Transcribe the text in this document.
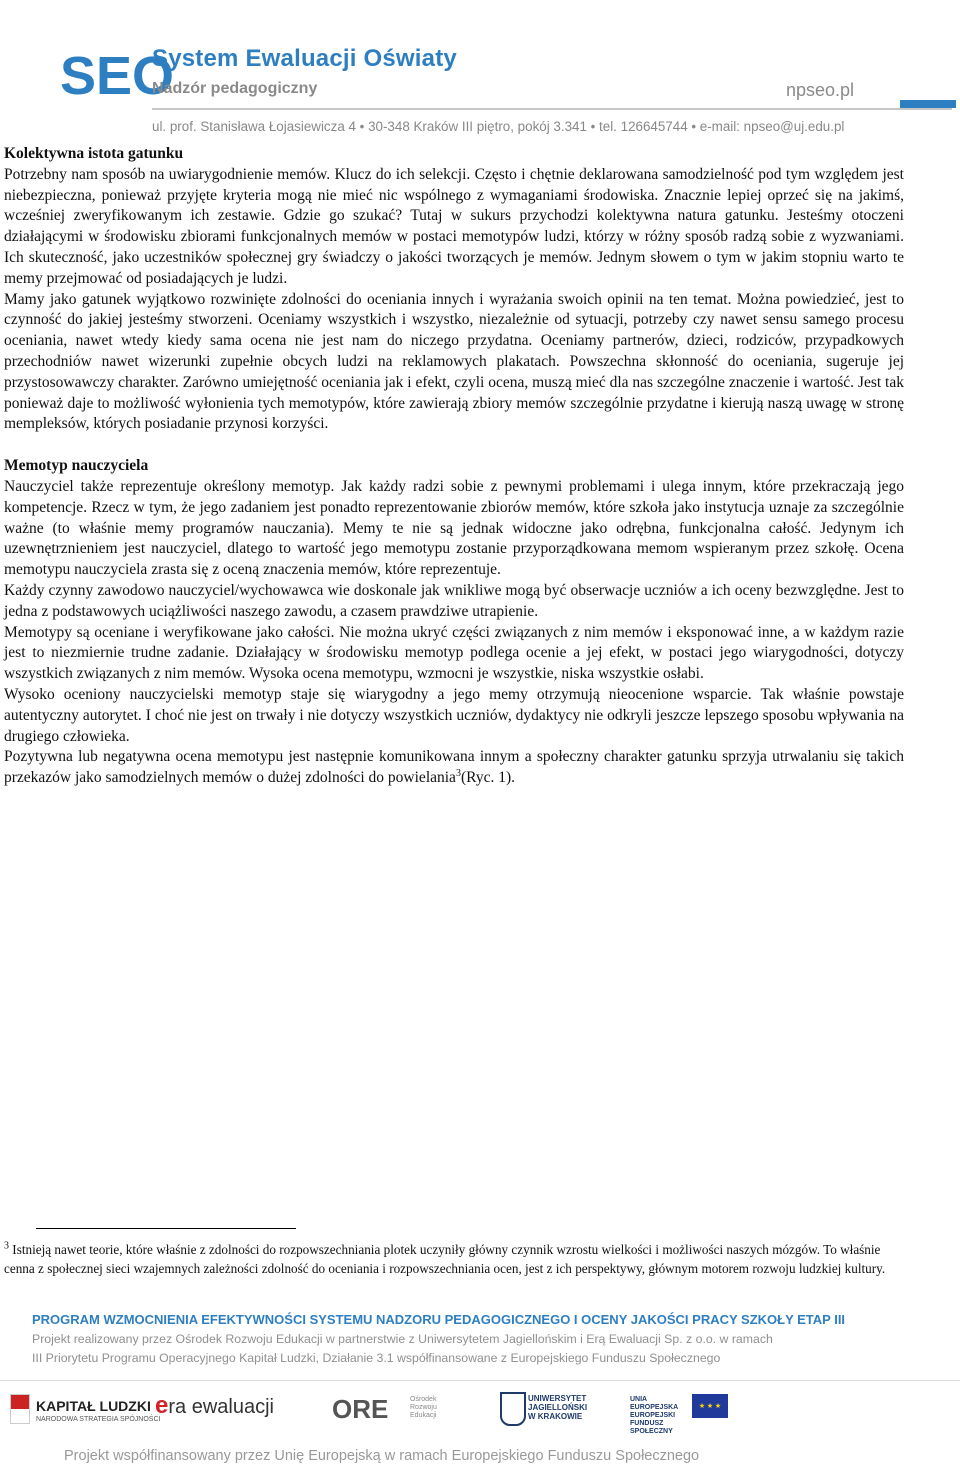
SEO
System Ewaluacji Oświaty
Nadzór pedagogiczny	npseo.pl
ul. prof. Stanisława Łojasiewicza 4 • 30-348 Kraków III piętro, pokój 3.341 • tel. 126645744 • e-mail: npseo@uj.edu.pl
Kolektywna istota gatunku

Potrzebny nam sposób na uwiarygodnienie memów. Klucz do ich selekcji. Często i chętnie deklarowana samodzielność pod tym względem jest niebezpieczna, ponieważ przyjęte kryteria mogą nie mieć nic wspólnego z wymaganiami środowiska. Znacznie lepiej oprzeć się na jakimś, wcześniej zweryfikowanym ich zestawie. Gdzie go szukać? Tutaj w sukurs przychodzi kolektywna natura gatunku. Jesteśmy otoczeni działającymi w środowisku zbiorami funkcjonalnych memów w postaci memotypów ludzi, którzy w różny sposób radzą sobie z wyzwaniami. Ich skuteczność, jako uczestników społecznej gry świadczy o jakości tworzących je memów. Jednym słowem o tym w jakim stopniu warto te memy przejmować od posiadających je ludzi.

Mamy jako gatunek wyjątkowo rozwinięte zdolności do oceniania innych i wyrażania swoich opinii na ten temat. Można powiedzieć, jest to czynność do jakiej jesteśmy stworzeni. Oceniamy wszystkich i wszystko, niezależnie od sytuacji, potrzeby czy nawet sensu samego procesu oceniania, nawet wtedy kiedy sama ocena nie jest nam do niczego przydatna. Oceniamy partnerów, dzieci, rodziców, przypadkowych przechodniów nawet wizerunki zupełnie obcych ludzi na reklamowych plakatach. Powszechna skłonność do oceniania, sugeruje jej przystosowawczy charakter. Zarówno umiejętność oceniania jak i efekt, czyli ocena, muszą mieć dla nas szczególne znaczenie i wartość. Jest tak ponieważ daje to możliwość wyłonienia tych memotypów, które zawierają zbiory memów szczególnie przydatne i kierują naszą uwagę w stronę mempleksów, których posiadanie przynosi korzyści.

Memotyp nauczyciela

Nauczyciel także reprezentuje określony memotyp. Jak każdy radzi sobie z pewnymi problemami i ulega innym, które przekraczają jego kompetencje. Rzecz w tym, że jego zadaniem jest ponadto reprezentowanie zbiorów memów, które szkoła jako instytucja uznaje za szczególnie ważne (to właśnie memy programów nauczania). Memy te nie są jednak widoczne jako odrębna, funkcjonalna całość. Jedynym ich uzewnętrznieniem jest nauczyciel, dlatego to wartość jego memotypu zostanie przyporządkowana memom wspieranym przez szkołę. Ocena memotypu nauczyciela zrasta się z oceną znaczenia memów, które reprezentuje.

Każdy czynny zawodowo nauczyciel/wychowawca wie doskonale jak wnikliwe mogą być obserwacje uczniów a ich oceny bezwzględne. Jest to jedna z podstawowych uciążliwości naszego zawodu, a czasem prawdziwe utrapienie.

Memotypy są oceniane i weryfikowane jako całości. Nie można ukryć części związanych z nim memów i eksponować inne, a w każdym razie jest to niezmiernie trudne zadanie. Działający w środowisku memotyp podlega ocenie a jej efekt, w postaci jego wiarygodności, dotyczy wszystkich związanych z nim memów. Wysoka ocena memotypu, wzmocni je wszystkie, niska wszystkie osłabi.

Wysoko oceniony nauczycielski memotyp staje się wiarygodny a jego memy otrzymują nieocenione wsparcie. Tak właśnie powstaje autentyczny autorytet. I choć nie jest on trwały i nie dotyczy wszystkich uczniów, dydaktycy nie odkryli jeszcze lepszego sposobu wpływania na drugiego człowieka.

Pozytywna lub negatywna ocena memotypu jest następnie komunikowana innym a społeczny charakter gatunku sprzyja utrwalaniu się takich przekazów jako samodzielnych memów o dużej zdolności do powielania$^3$(Ryc. 1).

$^3$ Istnieją nawet teorie, które właśnie z zdolności do rozpowszechniania plotek uczyniły główny czynnik wzrostu wielkości i możliwości naszych mózgów. To właśnie cenna z społecznej sieci wzajemnych zależności zdolność do oceniania i rozpowszechniania ocen, jest z ich perspektywy, głównym motorem rozwoju ludzkiej kultury.

PROGRAM WZMOCNIENIA EFEKTYWNOŚCI SYSTEMU NADZORU PEDAGOGICZNEGO I OCENY JAKOŚCI PRACY SZKOŁY ETAP III
Projekt realizowany przez Ośrodek Rozwoju Edukacji w partnerstwie z Uniwersytetem Jagiellońskim i Erą Ewaluacji Sp. z o.o. w ramach
III Priorytetu Programu Operacyjnego Kapitał Ludzki, Działanie 3.1 współfinansowane z Europejskiego Funduszu Społecznego
KAPITAŁ LUDZKI
NARODOWA STRATEGIA SPÓJNOŚCI
era ewaluacji ORE	Ośrodek Rozwoju Edukacji
UNIWERSYTET JAGIELLOŃSKI W KRAKOWIE
UNIA EUROPEJSKA EUROPEJSKI FUNDUSZ SPOŁECZNY
★ ★ ★
Projekt współfinansowany przez Unię Europejską w ramach Europejskiego Funduszu Społecznego
